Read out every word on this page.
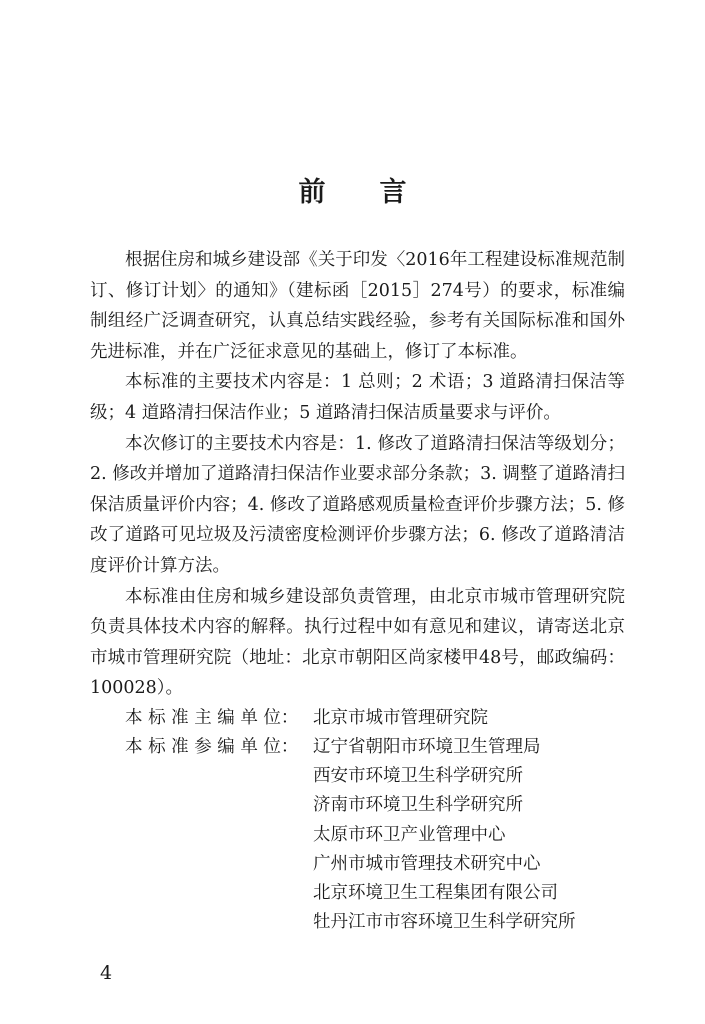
前言

根据住房和城乡建设部《关于印发〈2016年工程建设标准规范制订、修订计划〉的通知》（建标函［2015］274号）的要求，标准编制组经广泛调查研究，认真总结实践经验，参考有关国际标准和国外先进标准，并在广泛征求意见的基础上，修订了本标准。

本标准的主要技术内容是：1 总则；2 术语；3 道路清扫保洁等级；4 道路清扫保洁作业；5 道路清扫保洁质量要求与评价。

本次修订的主要技术内容是：1. 修改了道路清扫保洁等级划分；2. 修改并增加了道路清扫保洁作业要求部分条款；3. 调整了道路清扫保洁质量评价内容；4. 修改了道路感观质量检查评价步骤方法；5. 修改了道路可见垃圾及污渍密度检测评价步骤方法；6. 修改了道路清洁度评价计算方法。

本标准由住房和城乡建设部负责管理，由北京市城市管理研究院负责具体技术内容的解释。执行过程中如有意见和建议，请寄送北京市城市管理研究院（地址：北京市朝阳区尚家楼甲48号，邮政编码：100028）。

本 标 准 主 编 单 位： 北京市城市管理研究院
本 标 准 参 编 单 位： 辽宁省朝阳市环境卫生管理局
西安市环境卫生科学研究所
济南市环境卫生科学研究所
太原市环卫产业管理中心
广州市城市管理技术研究中心
北京环境卫生工程集团有限公司
牡丹江市市容环境卫生科学研究所
4
